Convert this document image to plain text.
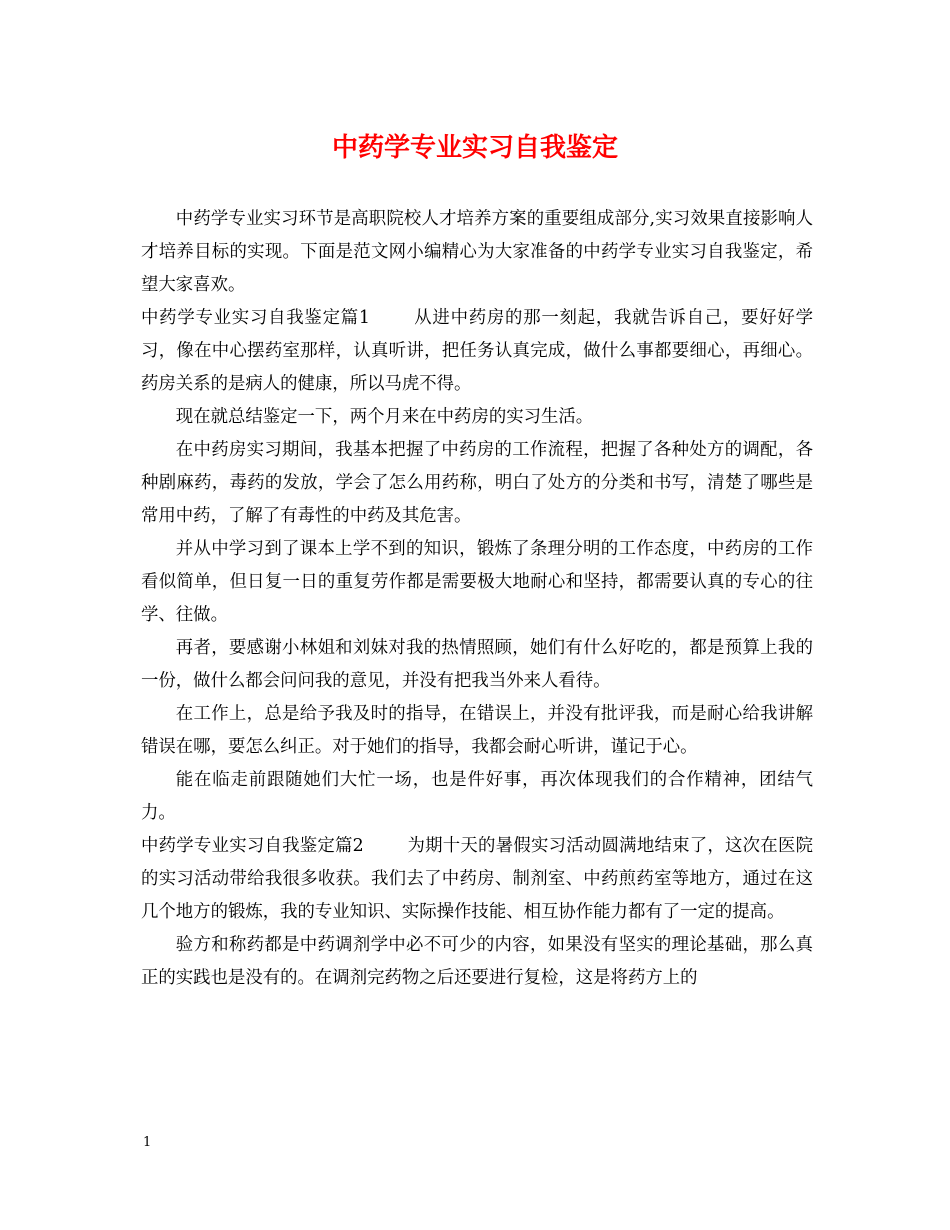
中药学专业实习自我鉴定

中药学专业实习环节是高职院校人才培养方案的重要组成部分,实习效果直接影响人才培养目标的实现。下面是范文网小编精心为大家准备的中药学专业实习自我鉴定，希望大家喜欢。

中药学专业实习自我鉴定篇1	从进中药房的那一刻起，我就告诉自己，要好好学习，像在中心摆药室那样，认真听讲，把任务认真完成，做什么事都要细心，再细心。药房关系的是病人的健康，所以马虎不得。

现在就总结鉴定一下，两个月来在中药房的实习生活。

在中药房实习期间，我基本把握了中药房的工作流程，把握了各种处方的调配，各种剧麻药，毒药的发放，学会了怎么用药称，明白了处方的分类和书写，清楚了哪些是常用中药，了解了有毒性的中药及其危害。

并从中学习到了课本上学不到的知识，锻炼了条理分明的工作态度，中药房的工作看似简单，但日复一日的重复劳作都是需要极大地耐心和坚持，都需要认真的专心的往学、往做。

再者，要感谢小林姐和刘妹对我的热情照顾，她们有什么好吃的，都是预算上我的一份，做什么都会问问我的意见，并没有把我当外来人看待。

在工作上，总是给予我及时的指导，在错误上，并没有批评我，而是耐心给我讲解错误在哪，要怎么纠正。对于她们的指导，我都会耐心听讲，谨记于心。

能在临走前跟随她们大忙一场，也是件好事，再次体现我们的合作精神，团结气力。

中药学专业实习自我鉴定篇2	为期十天的暑假实习活动圆满地结束了，这次在医院的实习活动带给我很多收获。我们去了中药房、制剂室、中药煎药室等地方，通过在这几个地方的锻炼，我的专业知识、实际操作技能、相互协作能力都有了一定的提高。

验方和称药都是中药调剂学中必不可少的内容，如果没有坚实的理论基础，那么真正的实践也是没有的。在调剂完药物之后还要进行复检，这是将药方上的

1
